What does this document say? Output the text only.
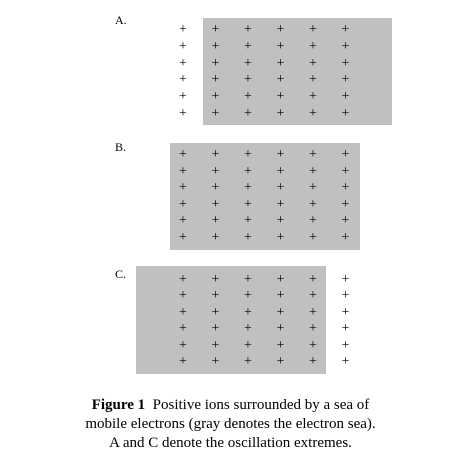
A.
B.
C.
Figure 1 Positive ions surrounded by a sea of
mobile electrons (gray denotes the electron sea).
A and C denote the oscillation extremes.
+ + + + + +
+ + + + + +
+ + + + + +
+ + + + + +
+ + + + + +
+ + + + + +
+ + + + + +
+ + + + + +
+ + + + + +
+ + + + + +
+ + + + + +
+ + + + + +
+ + + + + +
+ + + + + +
+ + + + + +
+ + + + + +
+ + + + + +
+ + + + + +
